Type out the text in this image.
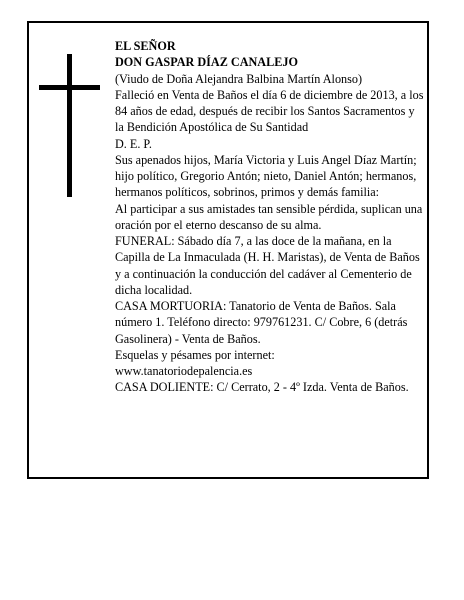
EL SEÑOR

DON GASPAR DÍAZ CANALEJO

(Viudo de Doña Alejandra Balbina Martín Alonso)

Falleció en Venta de Baños el día 6 de diciembre de 2013, a los 84 años de edad, después de recibir los Santos Sacramentos y la Bendición Apostólica de Su Santidad

D. E. P.

Sus apenados hijos, María Victoria y Luis Angel Díaz Martín; hijo político, Gregorio Antón; nieto, Daniel Antón; hermanos, hermanos políticos, sobrinos, primos y demás familia:

Al participar a sus amistades tan sensible pérdida, suplican una oración por el eterno descanso de su alma.

FUNERAL: Sábado día 7, a las doce de la mañana, en la Capilla de La Inmaculada (H. H. Maristas), de Venta de Baños y a continuación la conducción del cadáver al Cementerio de dicha localidad.

CASA MORTUORIA: Tanatorio de Venta de Baños. Sala número 1. Teléfono directo: 979761231. C/ Cobre, 6 (detrás Gasolinera) - Venta de Baños.

Esquelas y pésames por internet:

www.tanatoriodepalencia.es

CASA DOLIENTE: C/ Cerrato, 2 - 4º Izda. Venta de Baños.
